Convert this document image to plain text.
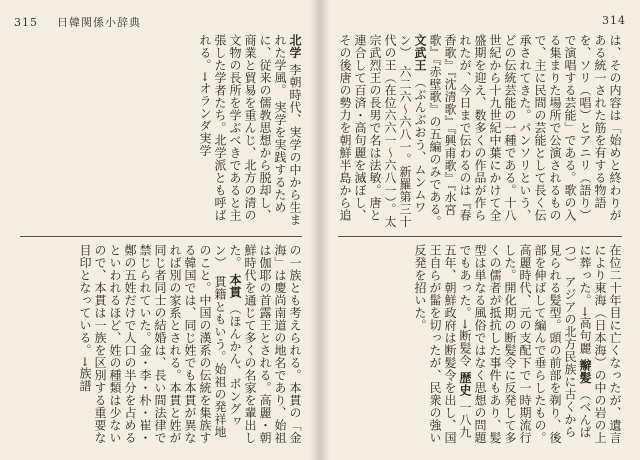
315 日韓関係小辞典

北学 李朝時代、実学の中から生まれた学風。 実学を実践するために、従来の儒教思想から脱却し、商業と貿易を重んじ、北方の清の文物の長所を学ぶべきであると主張した学者たち。北学派とも呼ばれる。→オランダ実学

の一族とも考えられる。本貫の「金海」は慶尚南道の地名であり、始祖は伽耶の首露王とされる。高麗・朝鮮時代を通じて多くの名家を輩出した。 本貫 （ほんかん、ボングヮン）　貫籍ともいう。始祖の発祥地のこと。中国の漢系の伝統を集族する韓国では、同じ姓でも本貫が異なれば別の家系とされる。本貫と姓が同じ者同士の結婚は、長い間法律で禁じられていた。金・李・朴・崔・鄭の五姓だけで人口の半分を占めるといわれるほど、姓の種類は少ないので、本貫は一族を区別する重要な目印となっている。→族譜

314

は、その内容は「始めと終わりがある統一された筋を有する物語を、ソリ（唱）とアニリ（語り）で演唱する芸能」である。歌の入る集まりた場所で公演されるもので、主に民間の芸能として長く伝承されてきた。パンソリという、どの伝統芸能の一種である。十八世紀から十九世紀中葉にかけて全盛期を迎え、数多くの作品が作られたが、今日まで伝わるのは『春香歌』『沈清歌』『興甫歌』『水宮歌』『赤壁歌』の五編のみである。 文武王 （ぶんぶおう、ムンムワン）　六二六～六八一。新羅第三十代の王（在位六六一～六八一）。太宗武烈王の長男で名は法敏。唐と連合して百済・高句麗を滅ぼし、その後唐の勢力を朝鮮半島から追

在位二十年目に亡くなったが、遺言により東海（日本海）の中の岩の上に葬った。→高句麗 辮髪 （べんぱつ）　アジアの北方民族に古くから見られる髪型。頭の前部を剃り、後部を伸ばして編んで垂らしたもの。高麗時代、元の支配下で一時期流行した。開化期の断髪令に反発して多くの儒者が抵抗した事件もあり、髪型は単なる風俗ではなく思想の問題でもあった。→断髪令 歴史 一八九五年、朝鮮政府は断髪令を出し、国王自らが髷を切ったが、民衆の強い反発を招いた。
